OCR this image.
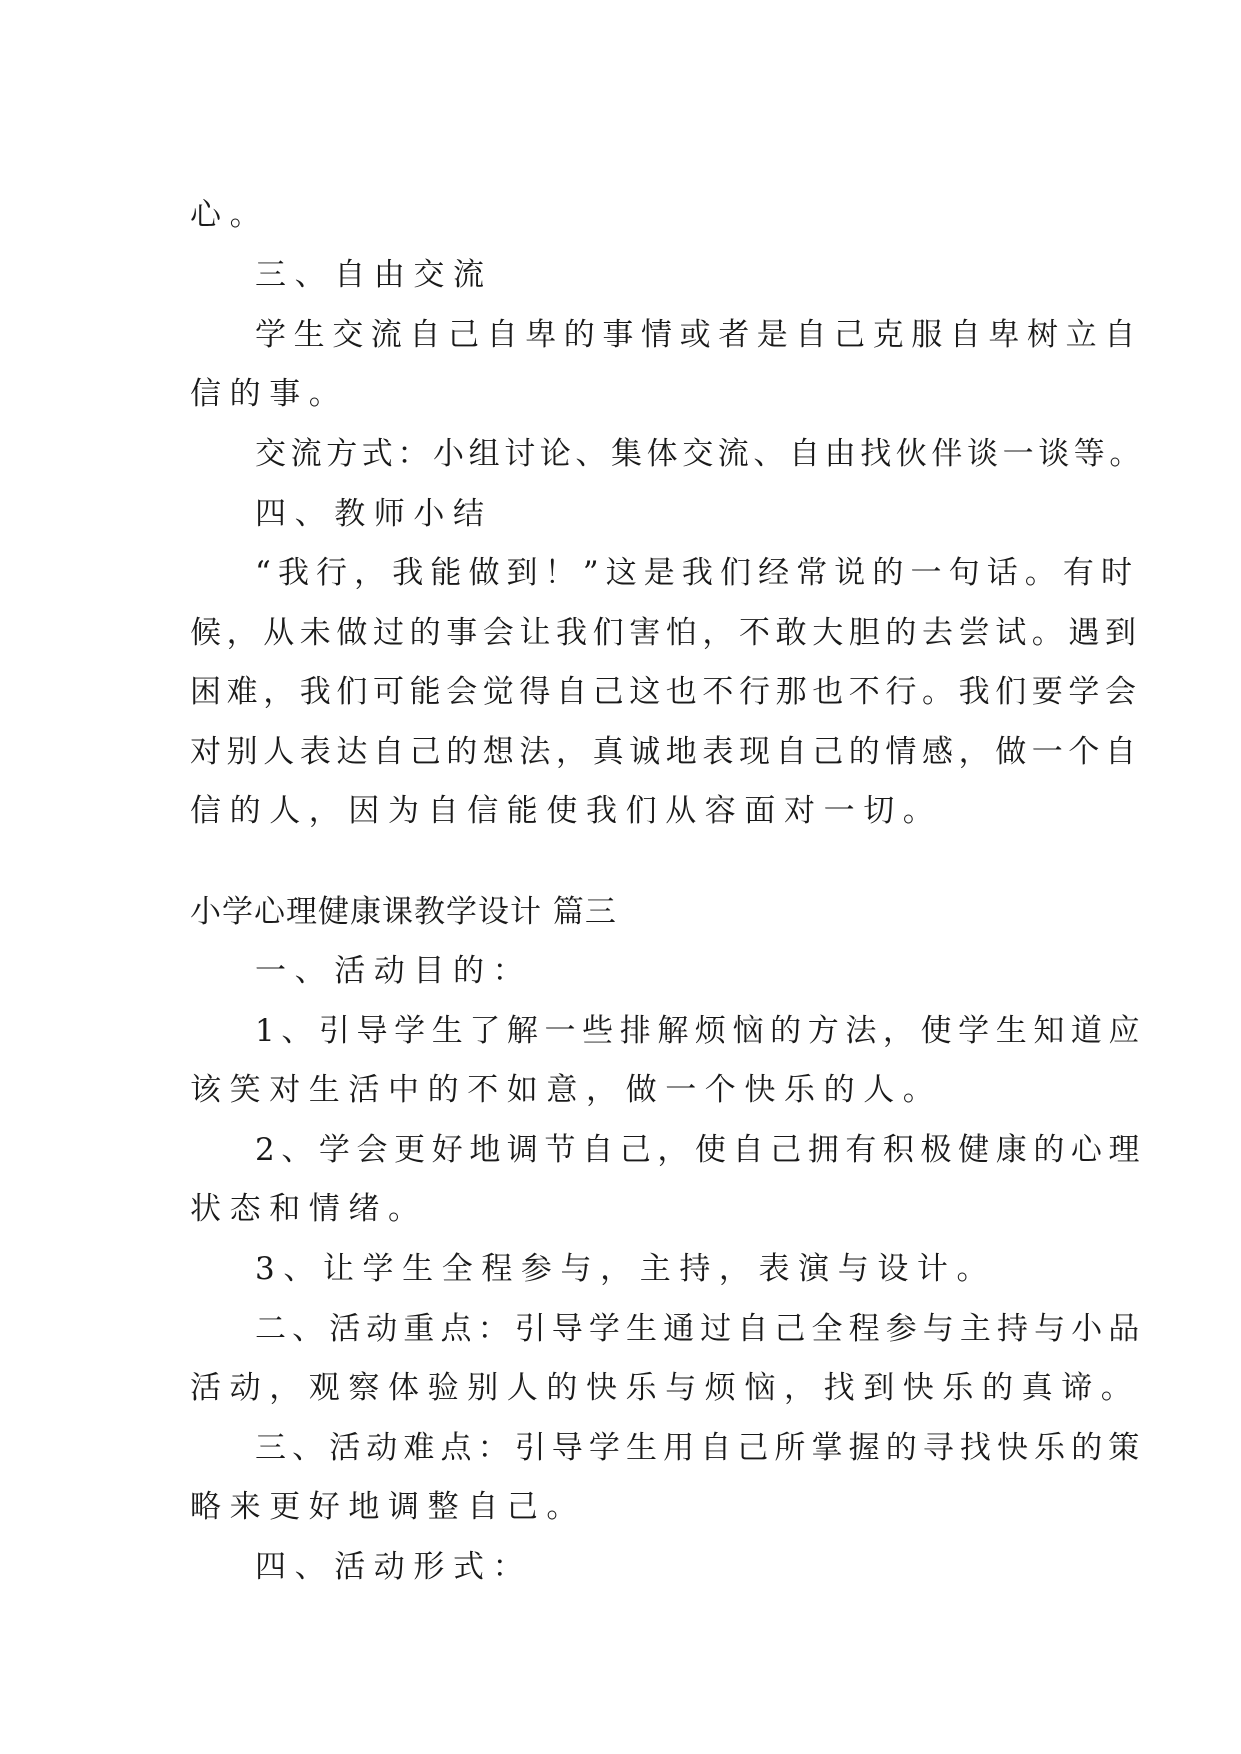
心。

三、自由交流

学生交流自己自卑的事情或者是自己克服自卑树立自

信的事。

交流方式：小组讨论、集体交流、自由找伙伴谈一谈等。

四、教师小结

“我行，我能做到！”这是我们经常说的一句话。有时

候，从未做过的事会让我们害怕，不敢大胆的去尝试。遇到

困难，我们可能会觉得自己这也不行那也不行。我们要学会

对别人表达自己的想法，真诚地表现自己的情感，做一个自

信的人，因为自信能使我们从容面对一切。

小学心理健康课教学设计 篇三

一、活动目的：

1、引导学生了解一些排解烦恼的方法，使学生知道应

该笑对生活中的不如意，做一个快乐的人。

2、学会更好地调节自己，使自己拥有积极健康的心理

状态和情绪。

3、让学生全程参与，主持，表演与设计。

二、活动重点：引导学生通过自己全程参与主持与小品

活动，观察体验别人的快乐与烦恼，找到快乐的真谛。

三、活动难点：引导学生用自己所掌握的寻找快乐的策

略来更好地调整自己。

四、活动形式：
